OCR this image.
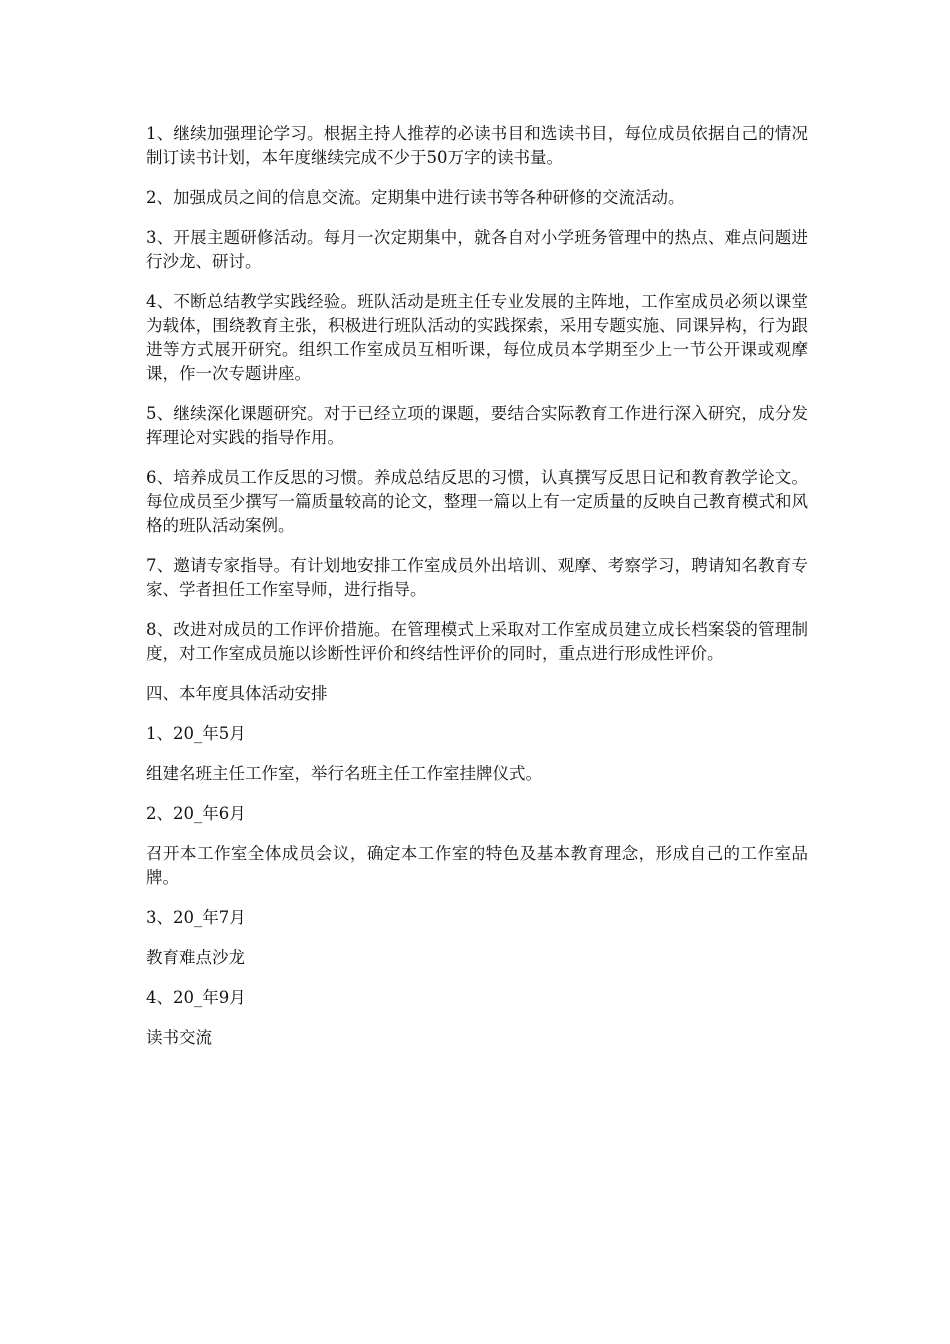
1、继续加强理论学习。根据主持人推荐的必读书目和选读书目，每位成员依据自己的情况制订读书计划，本年度继续完成不少于50万字的读书量。

2、加强成员之间的信息交流。定期集中进行读书等各种研修的交流活动。

3、开展主题研修活动。每月一次定期集中，就各自对小学班务管理中的热点、难点问题进行沙龙、研讨。

4、不断总结教学实践经验。班队活动是班主任专业发展的主阵地，工作室成员必须以课堂为载体，围绕教育主张，积极进行班队活动的实践探索，采用专题实施、同课异构，行为跟进等方式展开研究。组织工作室成员互相听课，每位成员本学期至少上一节公开课或观摩课，作一次专题讲座。

5、继续深化课题研究。对于已经立项的课题，要结合实际教育工作进行深入研究，成分发挥理论对实践的指导作用。

6、培养成员工作反思的习惯。养成总结反思的习惯，认真撰写反思日记和教育教学论文。每位成员至少撰写一篇质量较高的论文，整理一篇以上有一定质量的反映自己教育模式和风格的班队活动案例。

7、邀请专家指导。有计划地安排工作室成员外出培训、观摩、考察学习，聘请知名教育专家、学者担任工作室导师，进行指导。

8、改进对成员的工作评价措施。在管理模式上采取对工作室成员建立成长档案袋的管理制度，对工作室成员施以诊断性评价和终结性评价的同时，重点进行形成性评价。

四、本年度具体活动安排

1、20_年5月

组建名班主任工作室，举行名班主任工作室挂牌仪式。

2、20_年6月

召开本工作室全体成员会议，确定本工作室的特色及基本教育理念，形成自己的工作室品牌。

3、20_年7月

教育难点沙龙

4、20_年9月

读书交流
